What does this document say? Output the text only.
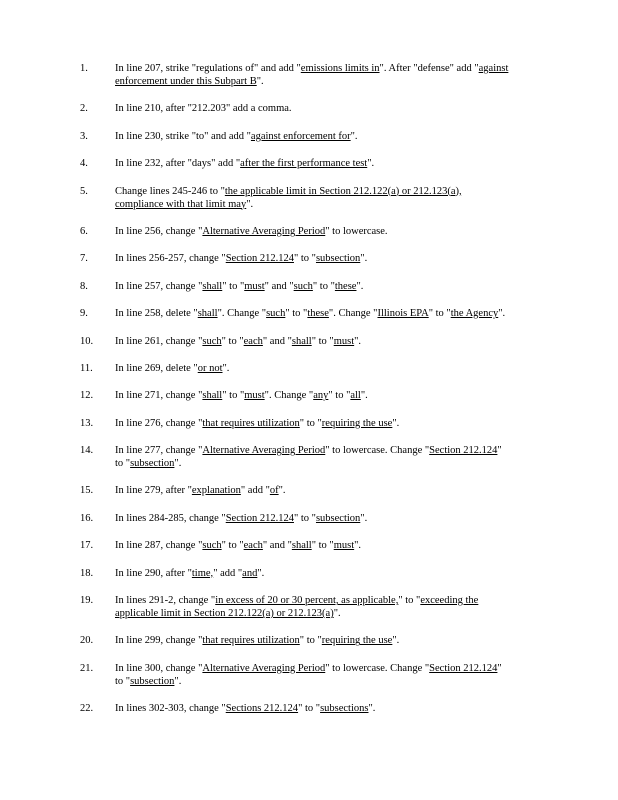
1.	In line 207, strike "regulations of" and add "emissions limits in". After "defense" add "against enforcement under this Subpart B".
2.	In line 210, after "212.203" add a comma.
3.	In line 230, strike "to" and add "against enforcement for".
4.	In line 232, after "days" add "after the first performance test".
5.	Change lines 245-246 to "the applicable limit in Section 212.122(a) or 212.123(a), compliance with that limit may".
6.	In line 256, change "Alternative Averaging Period" to lowercase.
7.	In lines 256-257, change "Section 212.124" to "subsection".
8.	In line 257, change "shall" to "must" and "such" to "these".
9.	In line 258, delete "shall". Change "such" to "these". Change "Illinois EPA" to "the Agency".
10.	In line 261, change "such" to "each" and "shall" to "must".
11.	In line 269, delete "or not".
12.	In line 271, change "shall" to "must". Change "any" to "all".
13.	In line 276, change "that requires utilization" to "requiring the use".
14.	In line 277, change "Alternative Averaging Period" to lowercase. Change "Section 212.124" to "subsection".
15.	In line 279, after "explanation" add "of".
16.	In lines 284-285, change "Section 212.124" to "subsection".
17.	In line 287, change "such" to "each" and "shall" to "must".
18.	In line 290, after "time," add "and".
19.	In lines 291-2, change "in excess of 20 or 30 percent, as applicable," to "exceeding the applicable limit in Section 212.122(a) or 212.123(a)".
20.	In line 299, change "that requires utilization" to "requiring the use".
21.	In line 300, change "Alternative Averaging Period" to lowercase. Change "Section 212.124" to "subsection".
22.	In lines 302-303, change "Sections 212.124" to "subsections".
